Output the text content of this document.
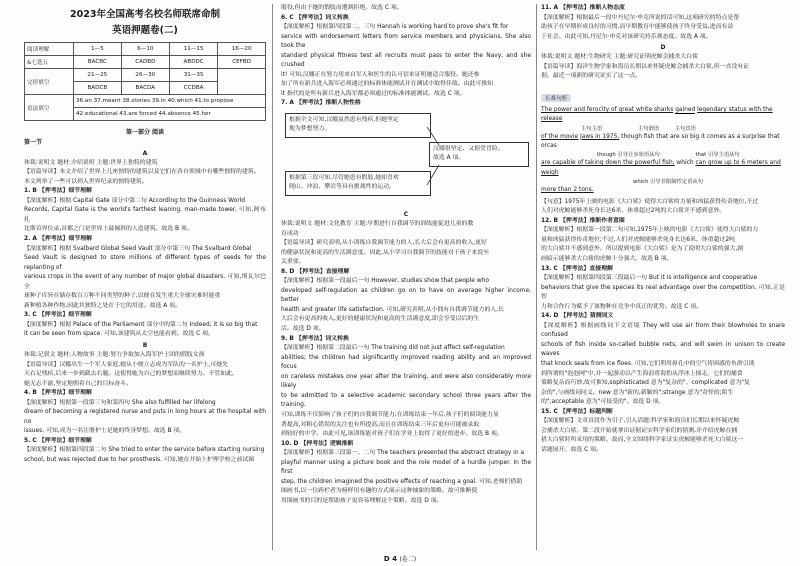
2023年全国高考名校名师联席命制
英语押题卷(二)
阅读理解	1—5	6—10	11—15	16—20
&七选五	BACBC	CADBD	ABDDC	CEFBD
完形填空	21—25	26—30	31—35	
	BADCB	BACDA	CCDBA	
语法填空	36.an 37.meant 38.stories 39.in 40.which 41.to propose			
	42.educational 43.are forced 44.absence 45.her			

第一部分 阅读

第一节

A

体裁:说明文 题材:介绍说明 主题:世界上独特的建筑

【语篇导读】本文介绍了世界上几座独特的建筑以及它们在各自领域中有哪些独特的建筑。

本文列举了一些可以列入世界纪录的独特建筑。

1. B 【押考法】细节理解

【深度解析】根据 Capital Gate 部分中第二句 According to the Guinness World

Records, Capital Gate is the world's farthest leaning, man-made tower. 可知,阿布扎

比斯首界位录,首都之门是世界上最倾斜的人造建筑。故选 B 项。

2. A 【押考法】细节理解

【深度解析】根据 Svalbard Global Seed Vault 部分中第三句 The Svalbard Global

Seed Vault is designed to store millions of different types of seeds for the replanting of

various crops in the event of any number of major global disasters. 可知,斯瓦尔巴全

球种子库旨在储存数百万种不同类型的种子,以便在发生重大全球灾难时能重

新种植各种作物,因此其独特之处在于它的用途。故选 A 项。

3. C 【押考法】细节理解

【深度解析】根据 Palace of the Parliament 部分中的第二句 Indeed, it is so big that

it can be seen from space. 可知,该建筑从太空也能看到。故选 C 项。

B

体裁:记叙文 题材:人物故事 主题:努力争取加入海军护士团的假肢女孩

【语篇导读】汉娜出生一个军人家庭,她从小便立志成为军队的一名护士,可她先

天右足残疾,后来一步到截去右腿。这使得她为自己的梦想而继续努力。不管如此,

她无志不渝,坚定地朝着自己的目标奋斗。

4. B 【押考法】细节理解

【深度解析】根据第一段第三句和第四句 She also fulfilled her lifelong

dream of becoming a registered nurse and puts in long hours at the hospital with no

issues. 可知,成为一名注册护士是她的终身梦想。故选 B 项。

5. C 【押考法】细节理解

【深度解析】根据第四段第二句 She tried to enter the service before starting nursing

school, but was rejected due to her prosthesis. 可知,她在开始上护理学校之前试图

服役,但由于她的假肢而遭到拒绝。故选 C 项。

6. C 【押考法】词义转换

【深度解析】根据第四段第二、三句 Hannah is working hard to prove she's fit for

service with endorsement letters from service members and physicians. She also took the

standard physical fitness test all recruits must pass to enter the Navy, and she crushed

it! 可知,汉娜正在努力用来自军人和医生的认可信来证明她适合服役。她还参

加了所有新兵进入海军必须通过的标准体能测试并在测试中取得佳绩。由此可推知

it 指代的是所有新兵进入海军都必须通过的标准体能测试。故选 C 项。

7. A 【押考法】推断人物性格

根据全文可知,汉娜虽然患有残疾,但她坚定
地为梦想努力。
根据第三段可知,尽管她患有假肢,她却喜欢
爬山、冲浪、攀岩等具有挑战性的运动。
汉娜很坚定、又很爱冒险。
故选 A 项。

C

体裁:说明文 题材:文化教育 主题:早期进行自我调节的训练能促进儿童的教

育成功

【语篇导读】研究表明,从小训练自我调节能力的人,长大后会有更高的收入,更好

的健康状况和更高的生活满意度。因此,从小学习自我调节的技能对于孩子来说至

关重要。

8. D 【押考法】直接理解

【深度解析】根据第一段最后一句 However, studies show that people who

developed self-regulation as children go on to have on average higher income, better

health and greater life satisfaction. 可知,研究表明,从小拥有自我调节能力的人,长

大后会有更高的收入,更好的健康状况和更高的生活满意度,即会享受以后的生

活。故选 D 项。

9. B 【押考法】词义转换

【深度解析】根据第二段最后一句 The training did not just affect self-regulation

abilities; the children had significantly improved reading ability and an improved focus

on careless mistakes one year after the training, and were also considerably more likely

to be admitted to a selective academic secondary school three years after the training.

可知,训练不仅影响了孩子们的自我调节能力;在训练结束一年后,孩子们的阅读能力显

著提高,对粗心错误的关注也有所提高,而且在训练结束三年后更有可能被录取

到较好的中学。由此可见,该训练能对孩子们在学业上取得了更好的进步。故选 B 项。

10. D 【押考法】逻辑推断

【深度解析】根据第三段第一、二句 The teachers presented the abstract strategy in a

playful manner using a picture book and the role model of a hurdle jumper. In the first

step, the children imagined the positive effects of reaching a goal. 可知,老师们借助

图画书,以一位跨栏者为榜样用有趣的方式展示这种抽象的策略。故可推断使

用图画书的目的是帮助孩子更容易理解这个策略。故选 D 项。

11. A 【押考法】推断人物态度

【深度解析】根据最后一段中丹尼尔·申克所说的话可知,这项研究的特点是帮

助孩子在早期形成良好的习惯,而早期教育中能够使孩子终身受益,进而有益

于社会。由此可知,丹尼尔·申克对该研究持乐观态度。故选 A 项。

D

体裁:说明文 题材:生物研究 主题:研究证明虎鲸会捕杀大白鲨

【语篇导读】海洋生物学家和海员长期以来怀疑虎鲸会捕杀大白鲨,但一直没有证

据。最近一项新的研究证实了这一点。

长难句析

The power and ferocity of great white sharks gained legendary status with the release

主句主语	主句谓语	主句宾语

of the movie Jaws in 1975, though fish that are so big it comes as a surprise that orcas

though 引导让步状语从句	that 引导主语从句

are capable of taking down the powerful fish, which can grow up to 6 meters and weigh

which 引导非限制性定语从句

more than 2 tons.

【句意】1975年上映的电影《大白鲨》使得大白鲨的力量和凶猛获得传奇地位,不过

人们对虎鲸能够杀死身长达6米、体重超过2吨的大白鲨并不感到意外。

12. B 【押考法】推断作者意图

【深度解析】根据第一段第二句可知,1975年上映的电影《大白鲨》使得大白鲨的力

量和凶猛获得传奇地位;不过,人们对虎鲸能够杀死身长达6米、体重超过2吨

的大白鲨并不感到意外。所以提到电影《大白鲨》是为了说明大白鲨的强大,剧

画暗示能够杀大白鲨的虎鲸十分强大。故选 B 项。

13. C 【押考法】直接理解

【深度解析】根据第四段第三段最后一句 But it is intelligence and cooperative

behaviors that give the species its real advantage over the competition. 可知,正是智

力和合作行为赋予了该物种在竞争中真正的优势。故选 C 项。

14. D 【押考法】猜测词义

【深度解析】根据画线词下文语境 They will use air from their blowholes to snare confused

schools of fish inside so-called bubble nets, and will swim in unison to create waves

that knock seals from ice floes. 可知,它们利用鼻孔中的空气将困惑的鱼群引诱

到所谓的"泡泡网"中,并一起游动以产生海浪将海豹从浮冰上撞走。它们的捕食

策略复杂而巧妙,故可推知,sophisticated 意为"复杂的"。complicated 意为"复

杂的",与画线词同义。new 意为"新的,新颖的";strange 意为"奇怪的;陌生

的";acceptable 意为"可接受的"。故选 D 项。

15. C 【押考法】标题判断

【深度解析】文章首段作为引子,引入话题:科学家和海员们长期以来怀疑虎鲸

会捕杀大白鲨。第二段开始就拿出证据证实科学家们的猜测,并介绍虎鲸在捕

猎大白鲨时所采用的策略。故而,全文围绕科学家证实虎鲸能够杀死大白鲨这一

话题展开。故选 C 项。

D 4 (卷二)
